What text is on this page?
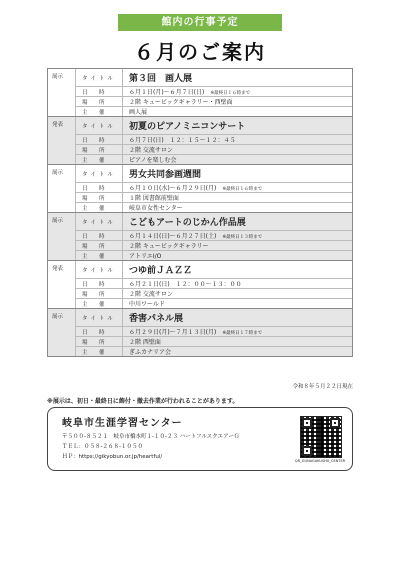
館内の行事予定
６月のご案内
展示	タイトル	第３回　画人展
日　時	６月１日(月)～６月７日(日) ※最終日１６時まで
場　所	２階 キュービックギャラリー・西壁面
主　催	画人展
発表	タイトル	初夏のピアノミニコンサート
日　時	６月７日(日)　１２：１５～１２：４５
場　所	２階 交流サロン
主　催	ピアノを楽しむ会
展示	タイトル	男女共同参画週間
日　時	６月１０日(水)～６月２９日(月) ※最終日１６時まで
場　所	１階 図書館前壁面
主　催	岐阜市女性センター
展示	タイトル	こどもアートのじかん作品展
日　時	６月１４日(日)～６月２７日(土) ※最終日１３時まで
場　所	２階 キュービックギャラリー
主　催	アトリエI/O
発表	タイトル	つゆ前ＪＡＺＺ
日　時	６月２１日(日)　１２：００～１３：００
場　所	２階 交流サロン
主　催	中川ワールド
展示	タイトル	香害パネル展
日　時	６月２９日(月)～７月１３日(月) ※最終日１７時まで
場　所	２階 西壁面
主　催	ぎふカナリア会
令和８年５月２２日現在
※展示は、初日・最終日に飾付・撤去作業が行われることがあります。
岐阜市生涯学習センター
〒５００-８５２１　岐阜市橋本町１-１０-２３ ハートフルスクエアーＧ
ＴＥＬ：０５８-２６８-１０５０
ＨＰ：https://gikyobun.or.jp/heartful/
QR_GUNAGAKUSHU_CENTER
